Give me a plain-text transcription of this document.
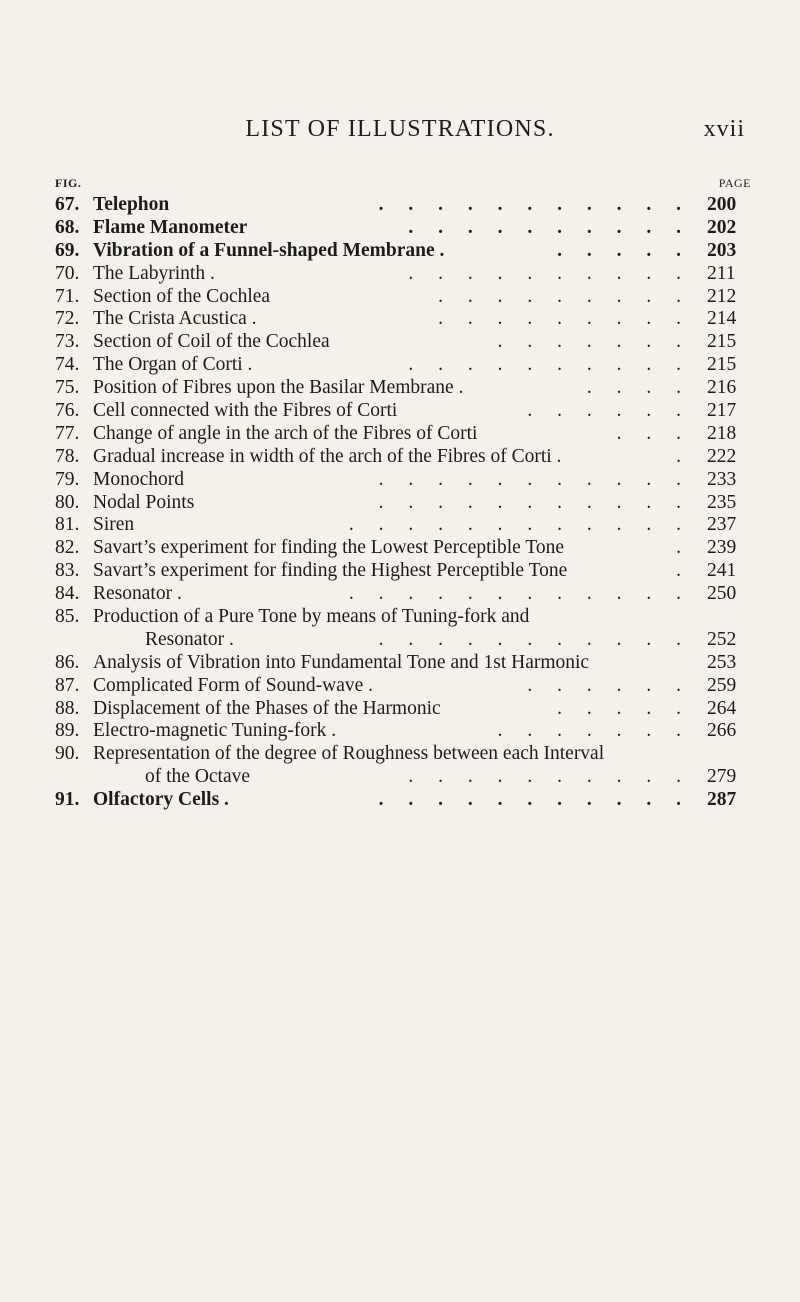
LIST OF ILLUSTRATIONS.	xvii
FIG.	PAGE
67. Telephon	. . . . . . . . . . . 200
68. Flame Manometer	. . . . . . . . . . 202
69. Vibration of a Funnel-shaped Membrane .	. . . . . 203
70. The Labyrinth .	. . . . . . . . . . 211
71. Section of the Cochlea	. . . . . . . . . 212
72. The Crista Acustica .	. . . . . . . . . 214
73. Section of Coil of the Cochlea	. . . . . . . 215
74. The Organ of Corti .	. . . . . . . . . . 215
75. Position of Fibres upon the Basilar Membrane .	. . . . 216
76. Cell connected with the Fibres of Corti	. . . . . . 217
77. Change of angle in the arch of the Fibres of Corti	. . . 218
78. Gradual increase in width of the arch of the Fibres of Corti .	. 222
79. Monochord	. . . . . . . . . . . 233
80. Nodal Points	. . . . . . . . . . . 235
81. Siren	. . . . . . . . . . . . 237
82. Savart’s experiment for finding the Lowest Perceptible Tone	. 239
83. Savart’s experiment for finding the Highest Perceptible Tone	. 241
84. Resonator .	. . . . . . . . . . . . 250
85. Production of a Pure Tone by means of Tuning-fork and
Resonator .	. . . . . . . . . . . 252
86. Analysis of Vibration into Fundamental Tone and 1st Harmonic	253
87. Complicated Form of Sound-wave .	. . . . . . 259
88. Displacement of the Phases of the Harmonic	. . . . . 264
89. Electro-magnetic Tuning-fork .	. . . . . . . 266
90. Representation of the degree of Roughness between each Interval
of the Octave	. . . . . . . . . . 279
91. Olfactory Cells .	. . . . . . . . . . . 287
